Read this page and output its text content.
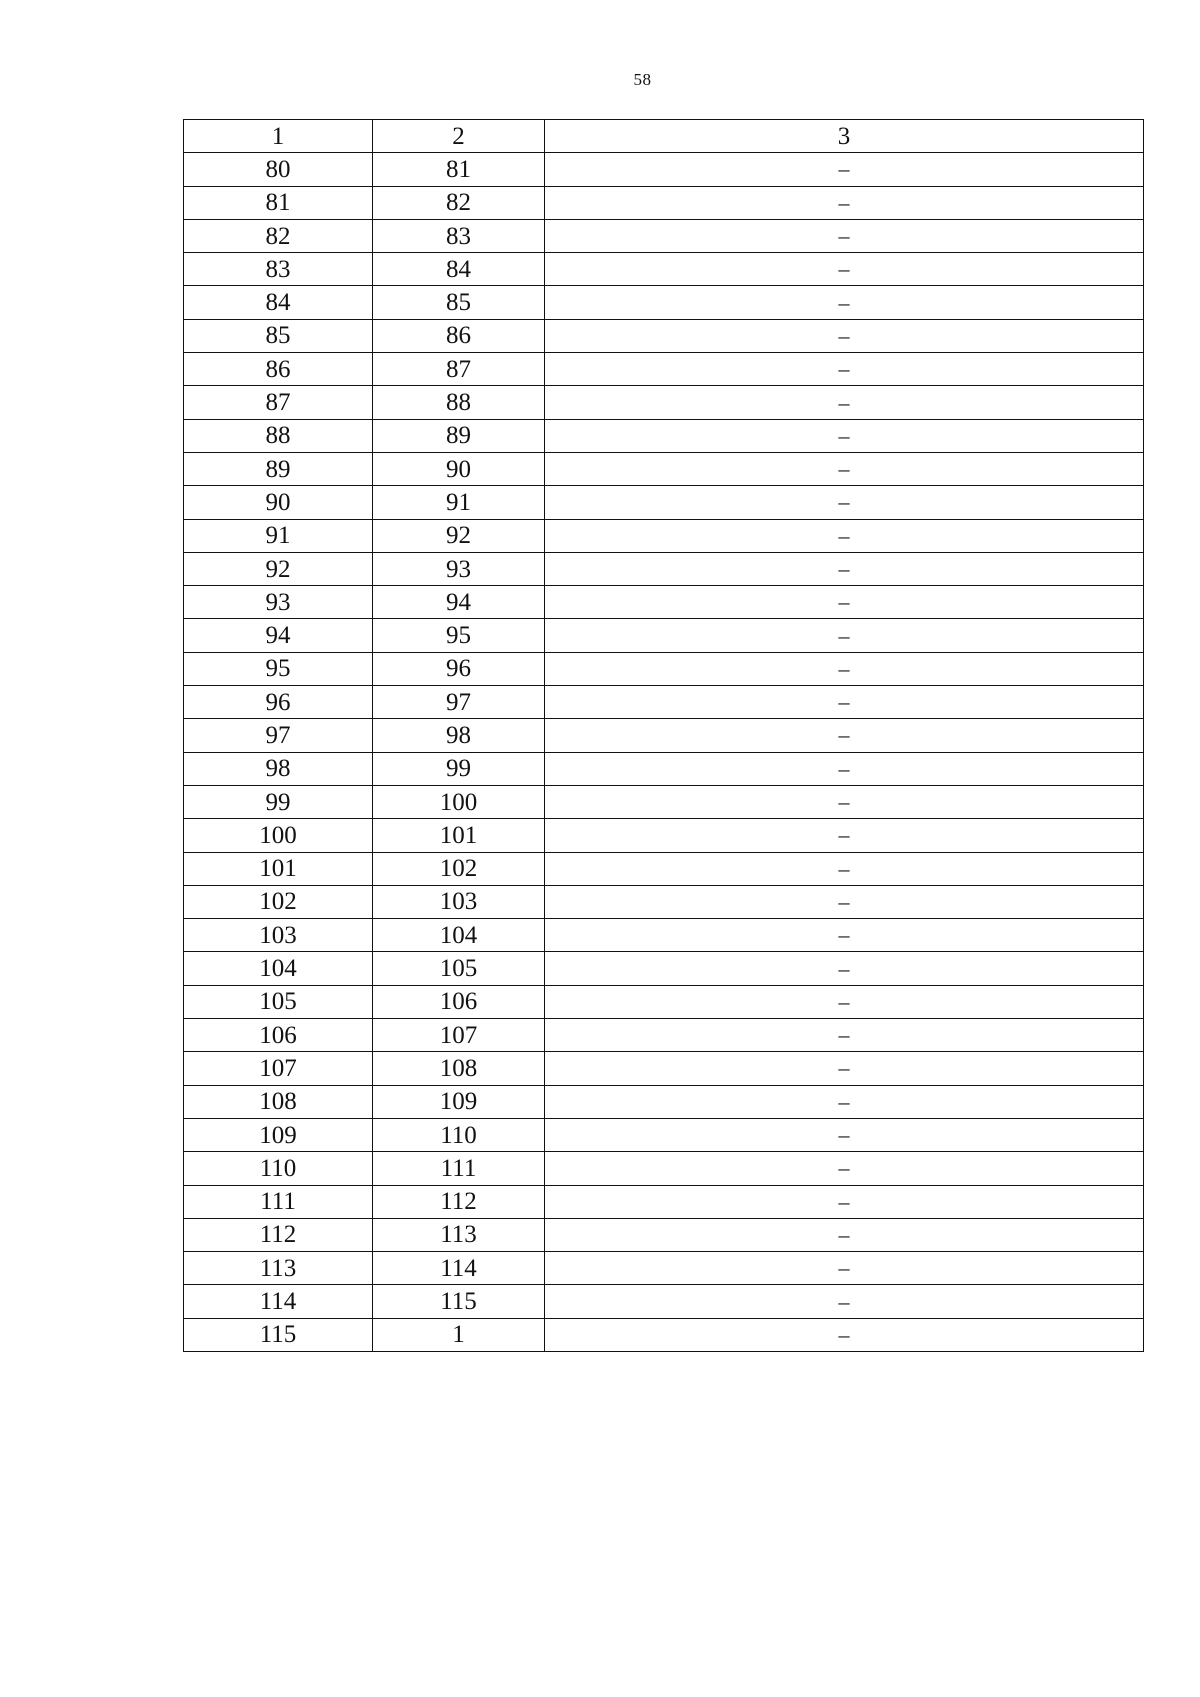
58
1	2	3
80	81	–
81	82	–
82	83	–
83	84	–
84	85	–
85	86	–
86	87	–
87	88	–
88	89	–
89	90	–
90	91	–
91	92	–
92	93	–
93	94	–
94	95	–
95	96	–
96	97	–
97	98	–
98	99	–
99	100	–
100	101	–
101	102	–
102	103	–
103	104	–
104	105	–
105	106	–
106	107	–
107	108	–
108	109	–
109	110	–
110	111	–
111	112	–
112	113	–
113	114	–
114	115	–
115	1	–
